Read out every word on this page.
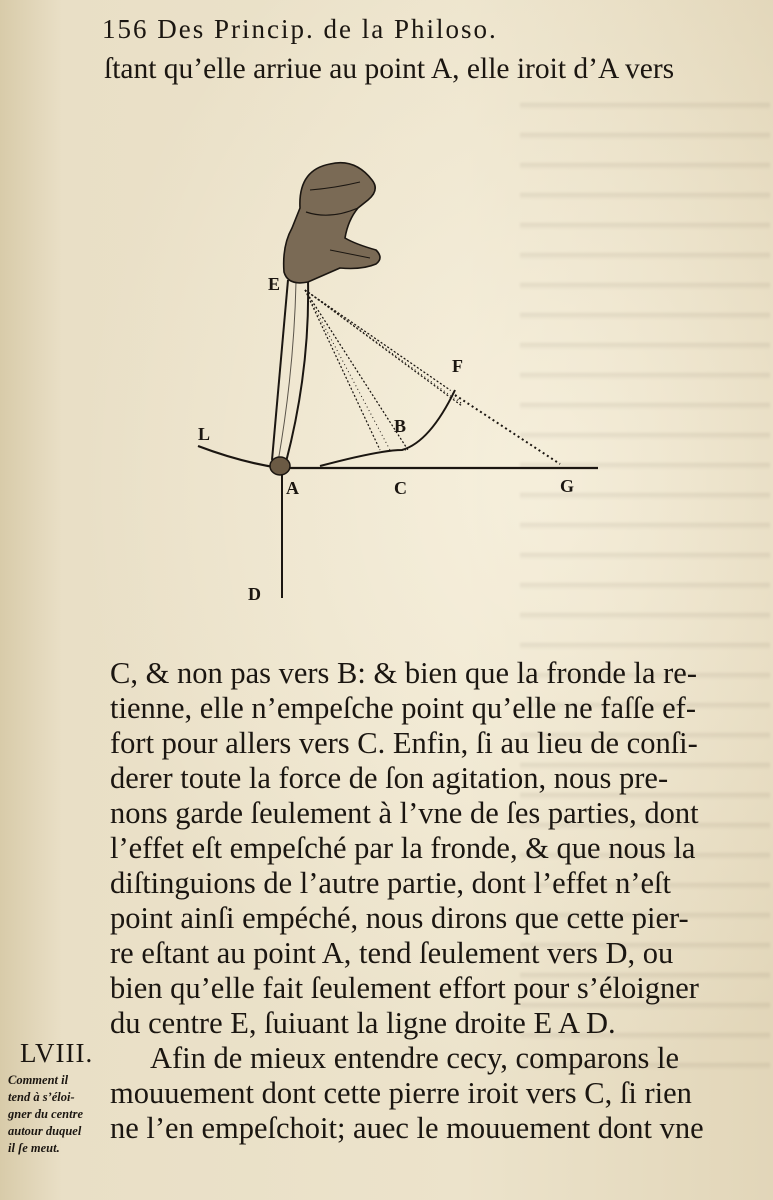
156 Des Princip. de la Philoso.
ſtant qu’elle arriue au point A, elle iroit d’A vers
E
F
L	B
A	C	G
D
C, & non pas vers B: & bien que la fronde la re-
tienne, elle n’empeſche point qu’elle ne faſſe ef-
fort pour allers vers C. Enfin, ſi au lieu de conſi-
derer toute la force de ſon agitation, nous pre-
nons garde ſeulement à l’vne de ſes parties, dont
l’effet eſt empeſché par la fronde, & que nous la
diſtinguions de l’autre partie, dont l’effet n’eſt
point ainſi empéché, nous dirons que cette pier-
re eſtant au point A, tend ſeulement vers D, ou
bien qu’elle fait ſeulement effort pour s’éloigner
du centre E, ſuiuant la ligne droite E A D.
Afin de mieux entendre cecy, comparons le
mouuement dont cette pierre iroit vers C, ſi rien
ne l’en empeſchoit; auec le mouuement dont vne
LVIII.
Comment il
tend à s’éloi-
gner du centre
autour duquel
il ſe meut.
